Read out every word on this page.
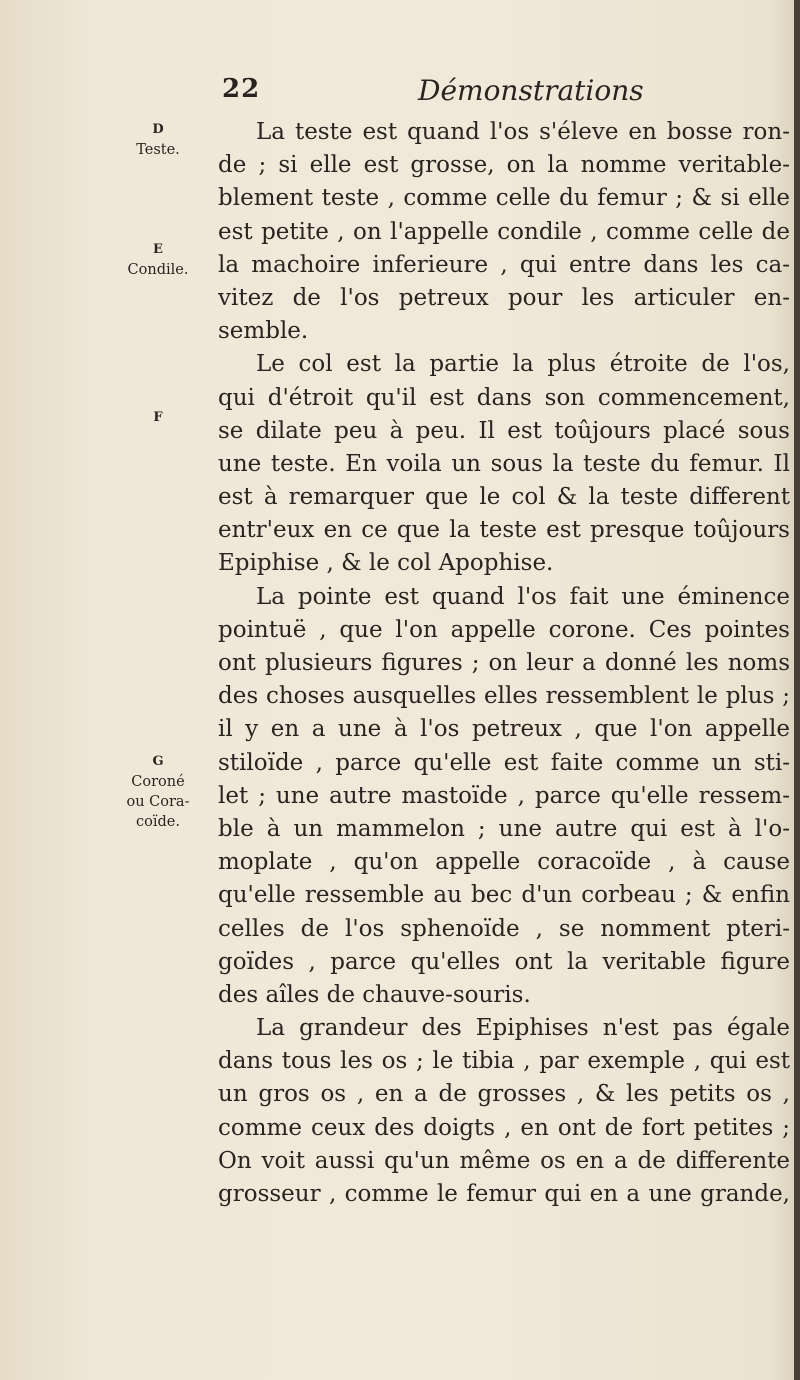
22	Démonstrations
D
Teste.
E
Condile.
F
G
Coroné
ou Cora-
coïde.
La teste est quand l'os s'éleve en bosse ron-
de ; si elle est grosse, on la nomme veritable-
blement teste , comme celle du femur ; & si elle
est petite , on l'appelle condile , comme celle de
la machoire inferieure , qui entre dans les ca-
vitez de l'os petreux pour les articuler en-
semble.
Le col est la partie la plus étroite de l'os,
qui d'étroit qu'il est dans son commencement,
se dilate peu à peu. Il est toûjours placé sous
une teste. En voila un sous la teste du femur. Il
est à remarquer que le col & la teste different
entr'eux en ce que la teste est presque toûjours
Epiphise , & le col Apophise.
La pointe est quand l'os fait une éminence
pointuë , que l'on appelle corone. Ces pointes
ont plusieurs figures ; on leur a donné les noms
des choses ausquelles elles ressemblent le plus ;
il y en a une à l'os petreux , que l'on appelle
stiloïde , parce qu'elle est faite comme un sti-
let ; une autre mastoïde , parce qu'elle ressem-
ble à un mammelon ; une autre qui est à l'o-
moplate , qu'on appelle coracoïde , à cause
qu'elle ressemble au bec d'un corbeau ; & enfin
celles de l'os sphenoïde , se nomment pteri-
goïdes , parce qu'elles ont la veritable figure
des aîles de chauve-souris.
La grandeur des Epiphises n'est pas égale
dans tous les os ; le tibia , par exemple , qui est
un gros os , en a de grosses , & les petits os ,
comme ceux des doigts , en ont de fort petites ;
On voit aussi qu'un même os en a de differente
grosseur , comme le femur qui en a une grande,
